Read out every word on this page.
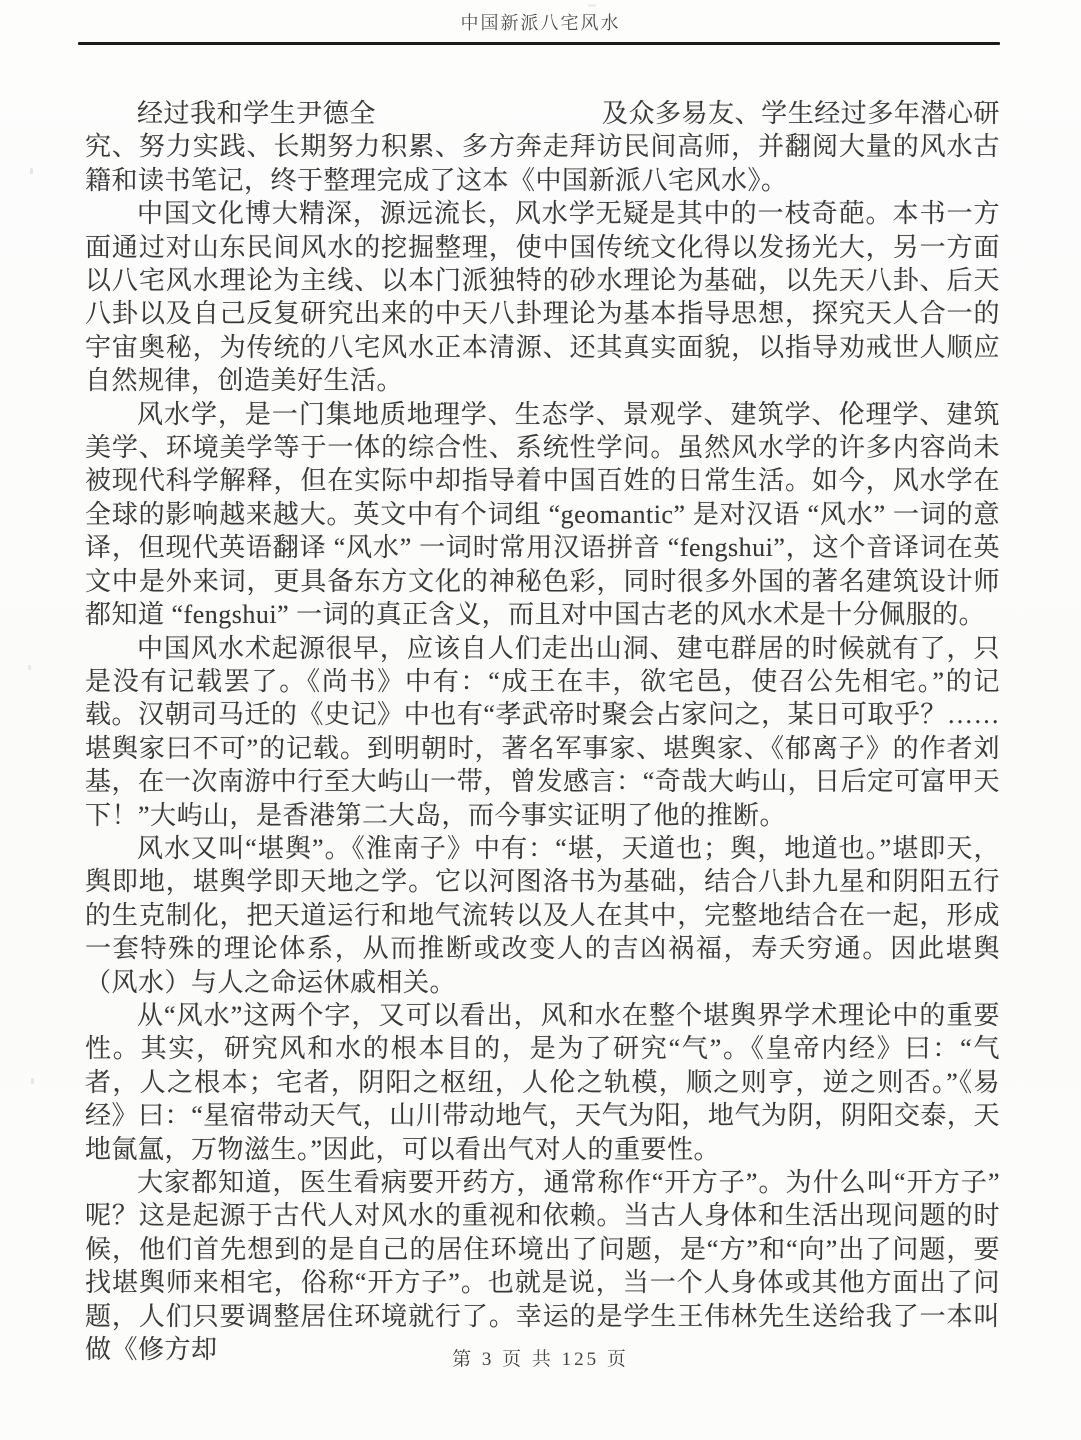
中国新派八宅风水

经过我和学生尹德全	及众多易友、学生经过多年潜心研究、努力实践、长期努力积累、多方奔走拜访民间高师，并翻阅大量的风水古籍和读书笔记，终于整理完成了这本《中国新派八宅风水》。

中国文化博大精深，源远流长，风水学无疑是其中的一枝奇葩。本书一方面通过对山东民间风水的挖掘整理，使中国传统文化得以发扬光大，另一方面以八宅风水理论为主线、以本门派独特的砂水理论为基础，以先天八卦、后天八卦以及自己反复研究出来的中天八卦理论为基本指导思想，探究天人合一的宇宙奥秘，为传统的八宅风水正本清源、还其真实面貌，以指导劝戒世人顺应自然规律，创造美好生活。

风水学，是一门集地质地理学、生态学、景观学、建筑学、伦理学、建筑美学、环境美学等于一体的综合性、系统性学问。虽然风水学的许多内容尚未被现代科学解释，但在实际中却指导着中国百姓的日常生活。如今，风水学在全球的影响越来越大。英文中有个词组 “geomantic” 是对汉语 “风水” 一词的意译，但现代英语翻译 “风水” 一词时常用汉语拼音 “fengshui”，这个音译词在英文中是外来词，更具备东方文化的神秘色彩，同时很多外国的著名建筑设计师都知道 “fengshui” 一词的真正含义，而且对中国古老的风水术是十分佩服的。

中国风水术起源很早，应该自人们走出山洞、建屯群居的时候就有了，只是没有记载罢了。《尚书》中有：“成王在丰，欲宅邑，使召公先相宅。”的记载。汉朝司马迁的《史记》中也有“孝武帝时聚会占家问之，某日可取乎？……堪舆家曰不可”的记载。到明朝时，著名军事家、堪舆家、《郁离子》的作者刘基，在一次南游中行至大屿山一带，曾发感言：“奇哉大屿山，日后定可富甲天下！”大屿山，是香港第二大岛，而今事实证明了他的推断。

风水又叫“堪舆”。《淮南子》中有：“堪，天道也；舆，地道也。”堪即天，舆即地，堪舆学即天地之学。它以河图洛书为基础，结合八卦九星和阴阳五行的生克制化，把天道运行和地气流转以及人在其中，完整地结合在一起，形成一套特殊的理论体系，从而推断或改变人的吉凶祸福，寿夭穷通。因此堪舆（风水）与人之命运休戚相关。

从“风水”这两个字，又可以看出，风和水在整个堪舆界学术理论中的重要性。其实，研究风和水的根本目的，是为了研究“气”。《皇帝内经》曰：“气者，人之根本；宅者，阴阳之枢纽，人伦之轨模，顺之则亨，逆之则否。”《易经》曰：“星宿带动天气，山川带动地气，天气为阳，地气为阴，阴阳交泰，天地氤氲，万物滋生。”因此，可以看出气对人的重要性。

大家都知道，医生看病要开药方，通常称作“开方子”。为什么叫“开方子”呢？这是起源于古代人对风水的重视和依赖。当古人身体和生活出现问题的时候，他们首先想到的是自己的居住环境出了问题，是“方”和“向”出了问题，要找堪舆师来相宅，俗称“开方子”。也就是说，当一个人身体或其他方面出了问题，人们只要调整居住环境就行了。幸运的是学生王伟林先生送给我了一本叫做《修方却	第 3 页 共 125 页
